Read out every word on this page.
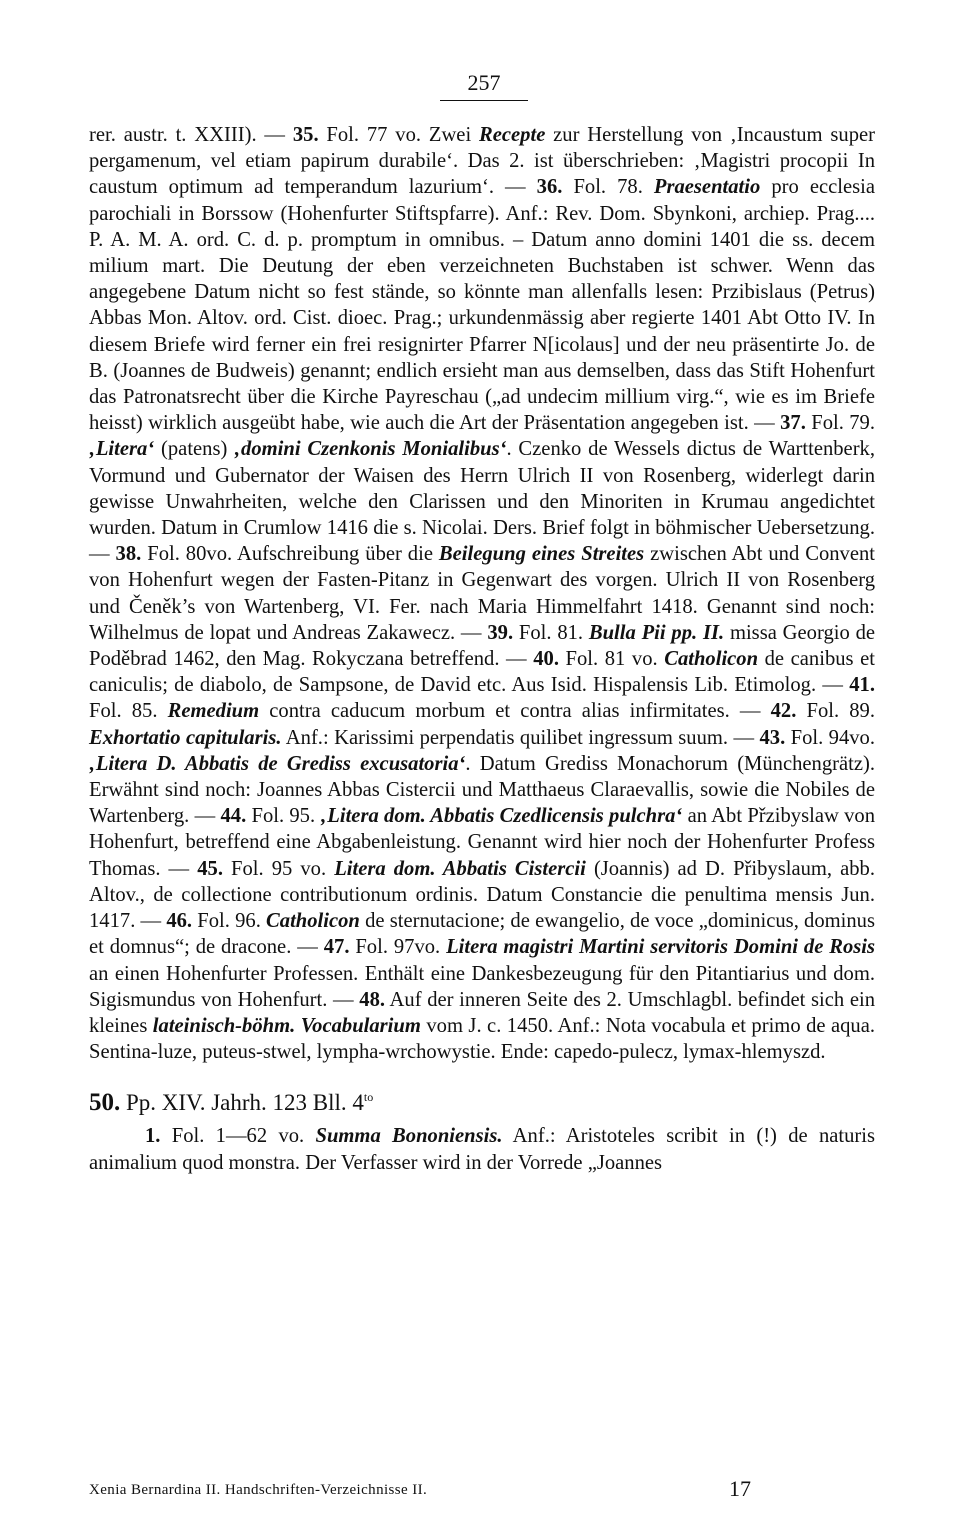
257

rer. austr. t. XXIII). — 35. Fol. 77 vo. Zwei Recepte zur Herstellung von ‚Incaustum super pergamenum, vel etiam papirum durabile‘. Das 2. ist überschrieben: ‚Magistri procopii In caustum optimum ad temperandum lazurium‘. — 36. Fol. 78. Praesentatio pro ecclesia parochiali in Borssow (Hohenfurter Stiftspfarre). Anf.: Rev. Dom. Sbynkoni, archiep. Prag.... P. A. M. A. ord. C. d. p. promptum in omnibus. – Datum anno domini 1401 die ss. decem milium mart. Die Deutung der eben verzeichneten Buchstaben ist schwer. Wenn das angegebene Datum nicht so fest stände, so könnte man allenfalls lesen: Przibislaus (Petrus) Abbas Mon. Altov. ord. Cist. dioec. Prag.; urkundenmässig aber regierte 1401 Abt Otto IV. In diesem Briefe wird ferner ein frei resignirter Pfarrer N[icolaus] und der neu präsentirte Jo. de B. (Joannes de Budweis) genannt; endlich ersieht man aus demselben, dass das Stift Hohenfurt das Patronatsrecht über die Kirche Payreschau („ad undecim millium virg.“, wie es im Briefe heisst) wirklich ausgeübt habe, wie auch die Art der Präsentation angegeben ist. — 37. Fol. 79. ‚Litera‘ (patens) ‚domini Czenkonis Monialibus‘. Czenko de Wessels dictus de Warttenberk, Vormund und Gubernator der Waisen des Herrn Ulrich II von Rosenberg, widerlegt darin gewisse Unwahrheiten, welche den Clarissen und den Minoriten in Krumau angedichtet wurden. Datum in Crumlow 1416 die s. Nicolai. Ders. Brief folgt in böhmischer Uebersetzung. — 38. Fol. 80vo. Aufschreibung über die Beilegung eines Streites zwischen Abt und Convent von Hohenfurt wegen der Fasten-Pitanz in Gegenwart des vorgen. Ulrich II von Rosenberg und Čeněk’s von Wartenberg, VI. Fer. nach Maria Himmelfahrt 1418. Genannt sind noch: Wilhelmus de lopat und Andreas Zakawecz. — 39. Fol. 81. Bulla Pii pp. II. missa Georgio de Poděbrad 1462, den Mag. Rokyczana betreffend. — 40. Fol. 81 vo. Catholicon de canibus et caniculis; de diabolo, de Sampsone, de David etc. Aus Isid. Hispalensis Lib. Etimolog. — 41. Fol. 85. Remedium contra caducum morbum et contra alias infirmitates. — 42. Fol. 89. Exhortatio capitularis. Anf.: Karissimi perpendatis quilibet ingressum suum. — 43. Fol. 94vo. ‚Litera D. Abbatis de Grediss excusatoria‘. Datum Grediss Monachorum (Münchengrätz). Erwähnt sind noch: Joannes Abbas Cistercii und Matthaeus Claraevallis, sowie die Nobiles de Wartenberg. — 44. Fol. 95. ‚Litera dom. Abbatis Czedlicensis pulchra‘ an Abt Přzibyslaw von Hohenfurt, betreffend eine Abgabenleistung. Genannt wird hier noch der Hohenfurter Profess Thomas. — 45. Fol. 95 vo. Litera dom. Abbatis Cistercii (Joannis) ad D. Přibyslaum, abb. Altov., de collectione contributionum ordinis. Datum Constancie die penultima mensis Jun. 1417. — 46. Fol. 96. Catholicon de sternutacione; de ewangelio, de voce „dominicus, dominus et domnus“; de dracone. — 47. Fol. 97vo. Litera magistri Martini servitoris Domini de Rosis an einen Hohenfurter Professen. Enthält eine Dankesbezeugung für den Pitantiarius und dom. Sigismundus von Hohenfurt. — 48. Auf der inneren Seite des 2. Umschlagbl. befindet sich ein kleines lateinisch-böhm. Vocabularium vom J. c. 1450. Anf.: Nota vocabula et primo de aqua. Sentina-luze, puteus-stwel, lympha-wrchowystie. Ende: capedo-pulecz, lymax-hlemyszd.

50. Pp. XIV. Jahrh. 123 Bll. $4^{to}$

1. Fol. 1—62 vo. Summa Bononiensis. Anf.: Aristoteles scribit in (!) de naturis animalium quod monstra. Der Verfasser wird in der Vorrede „Joannes

Xenia Bernardina II. Handschriften-Verzeichnisse II.	17
